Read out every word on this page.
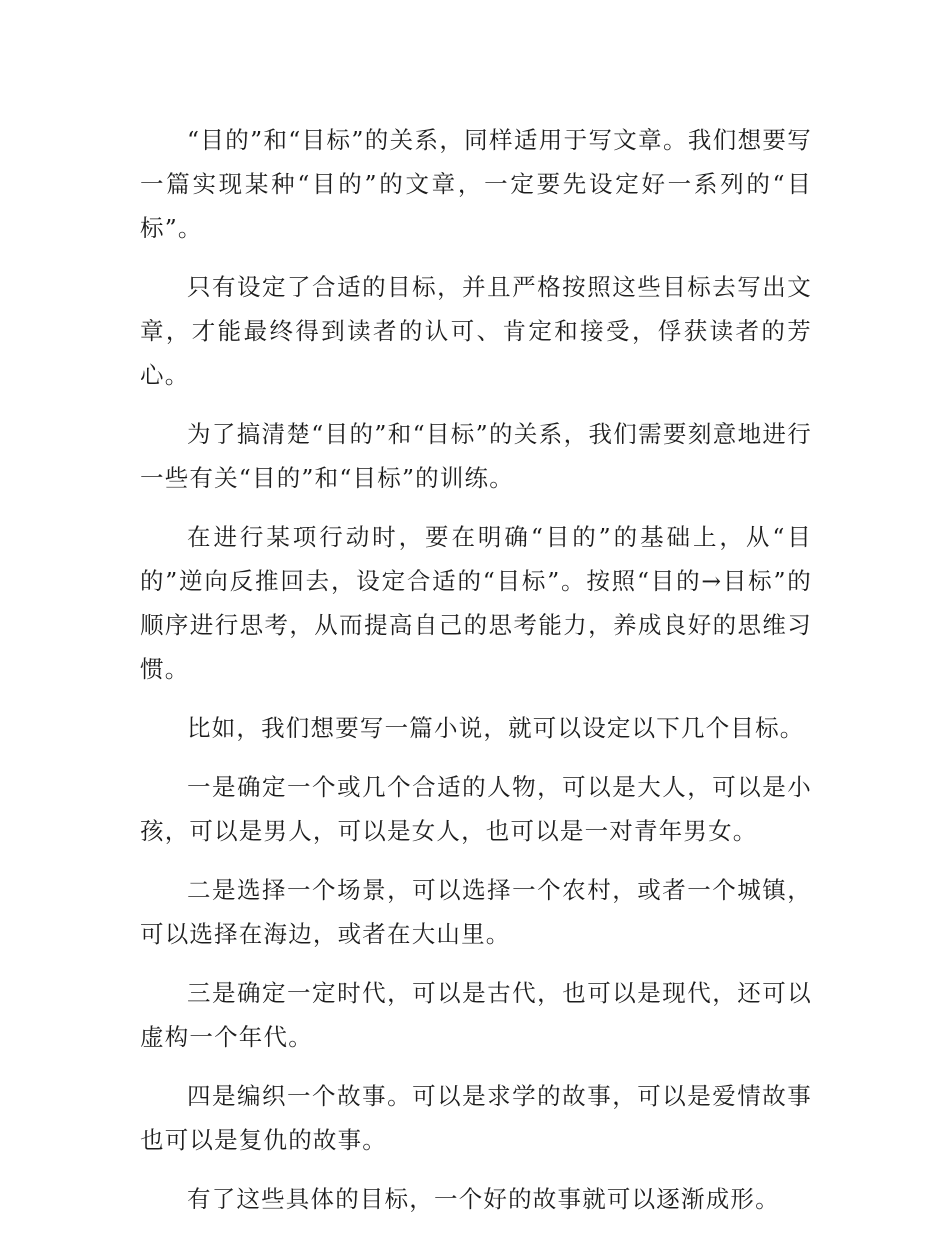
“目的”和“目标”的关系，同样适用于写文章。我们想要写一篇实现某种“目的”的文章，一定要先设定好一系列的“目标”。

只有设定了合适的目标，并且严格按照这些目标去写出文章，才能最终得到读者的认可、肯定和接受，俘获读者的芳心。

为了搞清楚“目的”和“目标”的关系，我们需要刻意地进行一些有关“目的”和“目标”的训练。

在进行某项行动时，要在明确“目的”的基础上，从“目的”逆向反推回去，设定合适的“目标”。按照“目的→目标”的顺序进行思考，从而提高自己的思考能力，养成良好的思维习惯。

比如，我们想要写一篇小说，就可以设定以下几个目标。

一是确定一个或几个合适的人物，可以是大人，可以是小孩，可以是男人，可以是女人，也可以是一对青年男女。

二是选择一个场景，可以选择一个农村，或者一个城镇，可以选择在海边，或者在大山里。

三是确定一定时代，可以是古代，也可以是现代，还可以虚构一个年代。

四是编织一个故事。可以是求学的故事，可以是爱情故事也可以是复仇的故事。

有了这些具体的目标，一个好的故事就可以逐渐成形。
